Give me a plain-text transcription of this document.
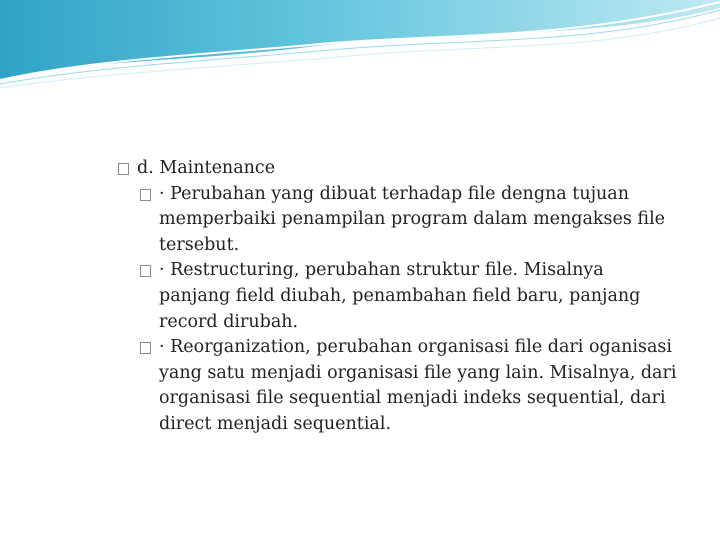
d. Maintenance
· Perubahan yang dibuat terhadap file dengna tujuan memperbaiki penampilan program dalam mengakses file tersebut.
· Restructuring, perubahan struktur file. Misalnya panjang field diubah, penambahan field baru, panjang record dirubah.
· Reorganization, perubahan organisasi file dari oganisasi yang satu menjadi organisasi file yang lain. Misalnya, dari organisasi file sequential menjadi indeks sequential, dari direct menjadi sequential.
